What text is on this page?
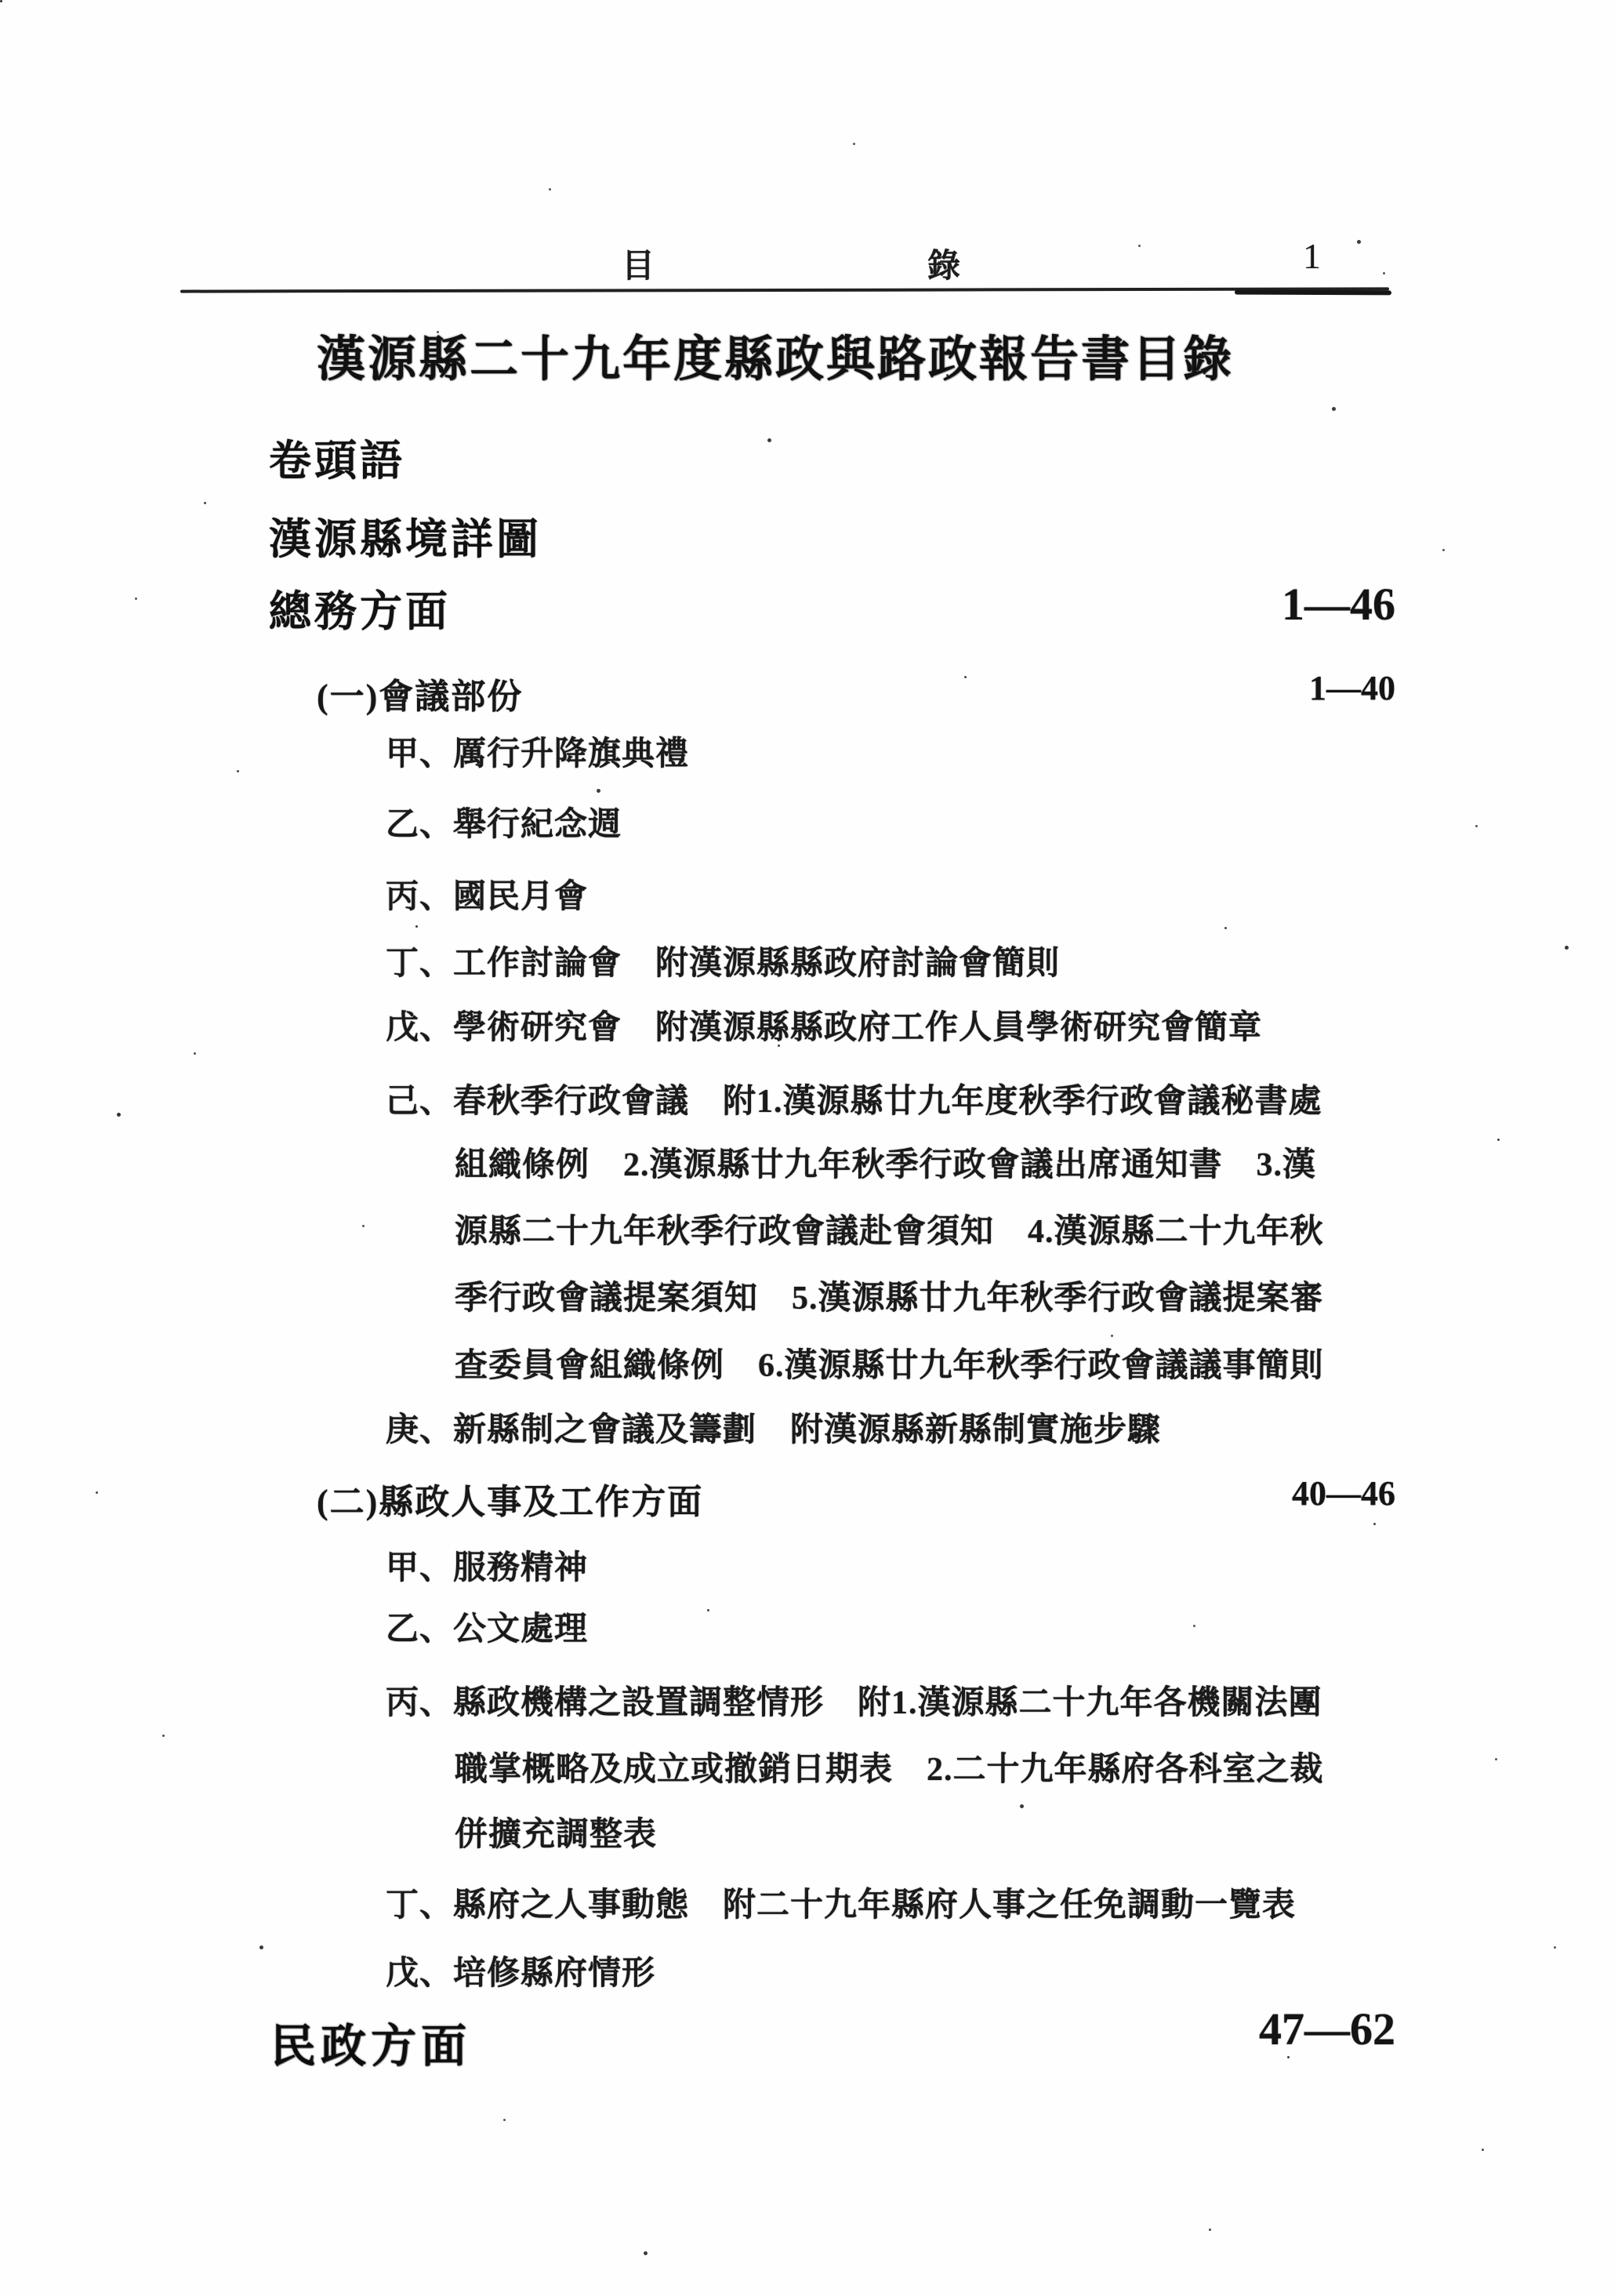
目	錄	1
漢源縣二十九年度縣政與路政報告書目錄
卷頭語
漢源縣境詳圖
總務方面	1—46
(一)會議部份	1—40
甲、厲行升降旗典禮
乙、舉行紀念週
丙、國民月會
丁、工作討論會　附漢源縣縣政府討論會簡則
戊、學術研究會　附漢源縣縣政府工作人員學術研究會簡章
己、春秋季行政會議　附1.漢源縣廿九年度秋季行政會議秘書處
組織條例　2.漢源縣廿九年秋季行政會議出席通知書　3.漢
源縣二十九年秋季行政會議赴會須知　4.漢源縣二十九年秋
季行政會議提案須知　5.漢源縣廿九年秋季行政會議提案審
查委員會組織條例　6.漢源縣廿九年秋季行政會議議事簡則
庚、新縣制之會議及籌劃　附漢源縣新縣制實施步驟
(二)縣政人事及工作方面	40—46
甲、服務精神
乙、公文處理
丙、縣政機構之設置調整情形　附1.漢源縣二十九年各機關法團
職掌概略及成立或撤銷日期表　2.二十九年縣府各科室之裁
併擴充調整表
丁、縣府之人事動態　附二十九年縣府人事之任免調動一覽表
戊、培修縣府情形
民政方面	47—62
